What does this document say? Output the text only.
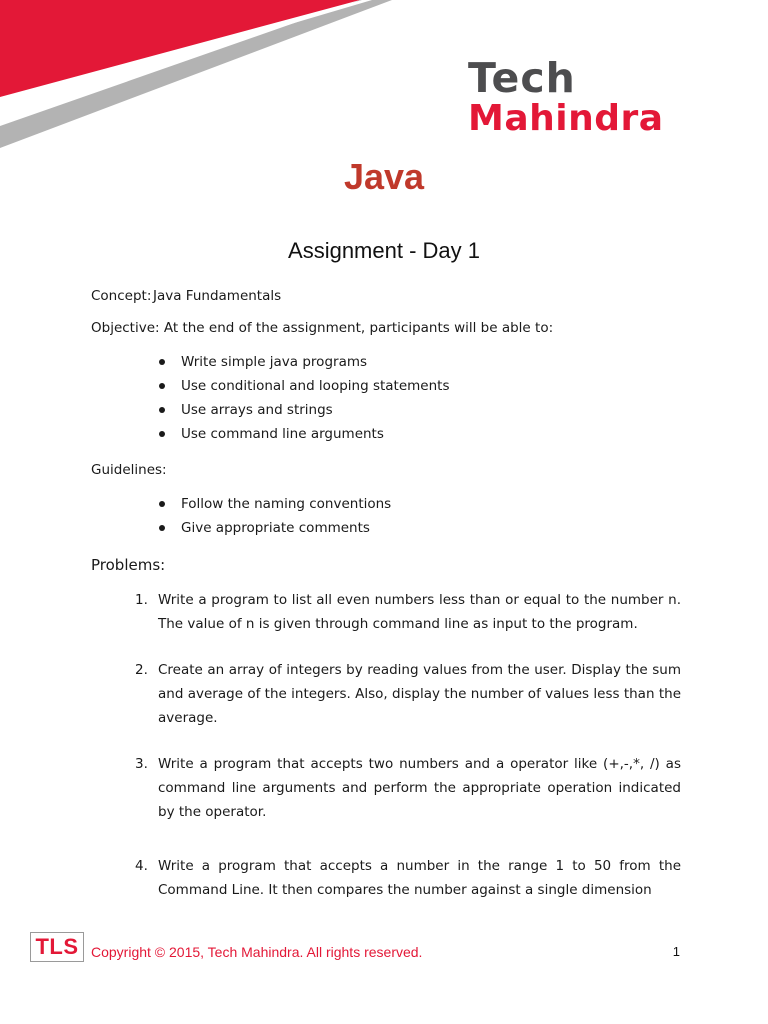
Tech
Mahindra
Java
Assignment - Day 1

Concept: Java Fundamentals

Objective: At the end of the assignment, participants will be able to:

Write simple java programs
Use conditional and looping statements
Use arrays and strings
Use command line arguments

Guidelines:

Follow the naming conventions
Give appropriate comments
Problems:
1. Write a program to list all even numbers less than or equal to the number n. The value of n is given through command line as input to the program.
2. Create an array of integers by reading values from the user. Display the sum and average of the integers. Also, display the number of values less than the average.
3. Write a program that accepts two numbers and a operator like (+,-,*, /) as command line arguments and perform the appropriate operation indicated by the operator.
4. Write a program that accepts a number in the range 1 to 50 from the Command Line. It then compares the number against a single dimension
TLS Copyright © 2015, Tech Mahindra. All rights reserved.	1
